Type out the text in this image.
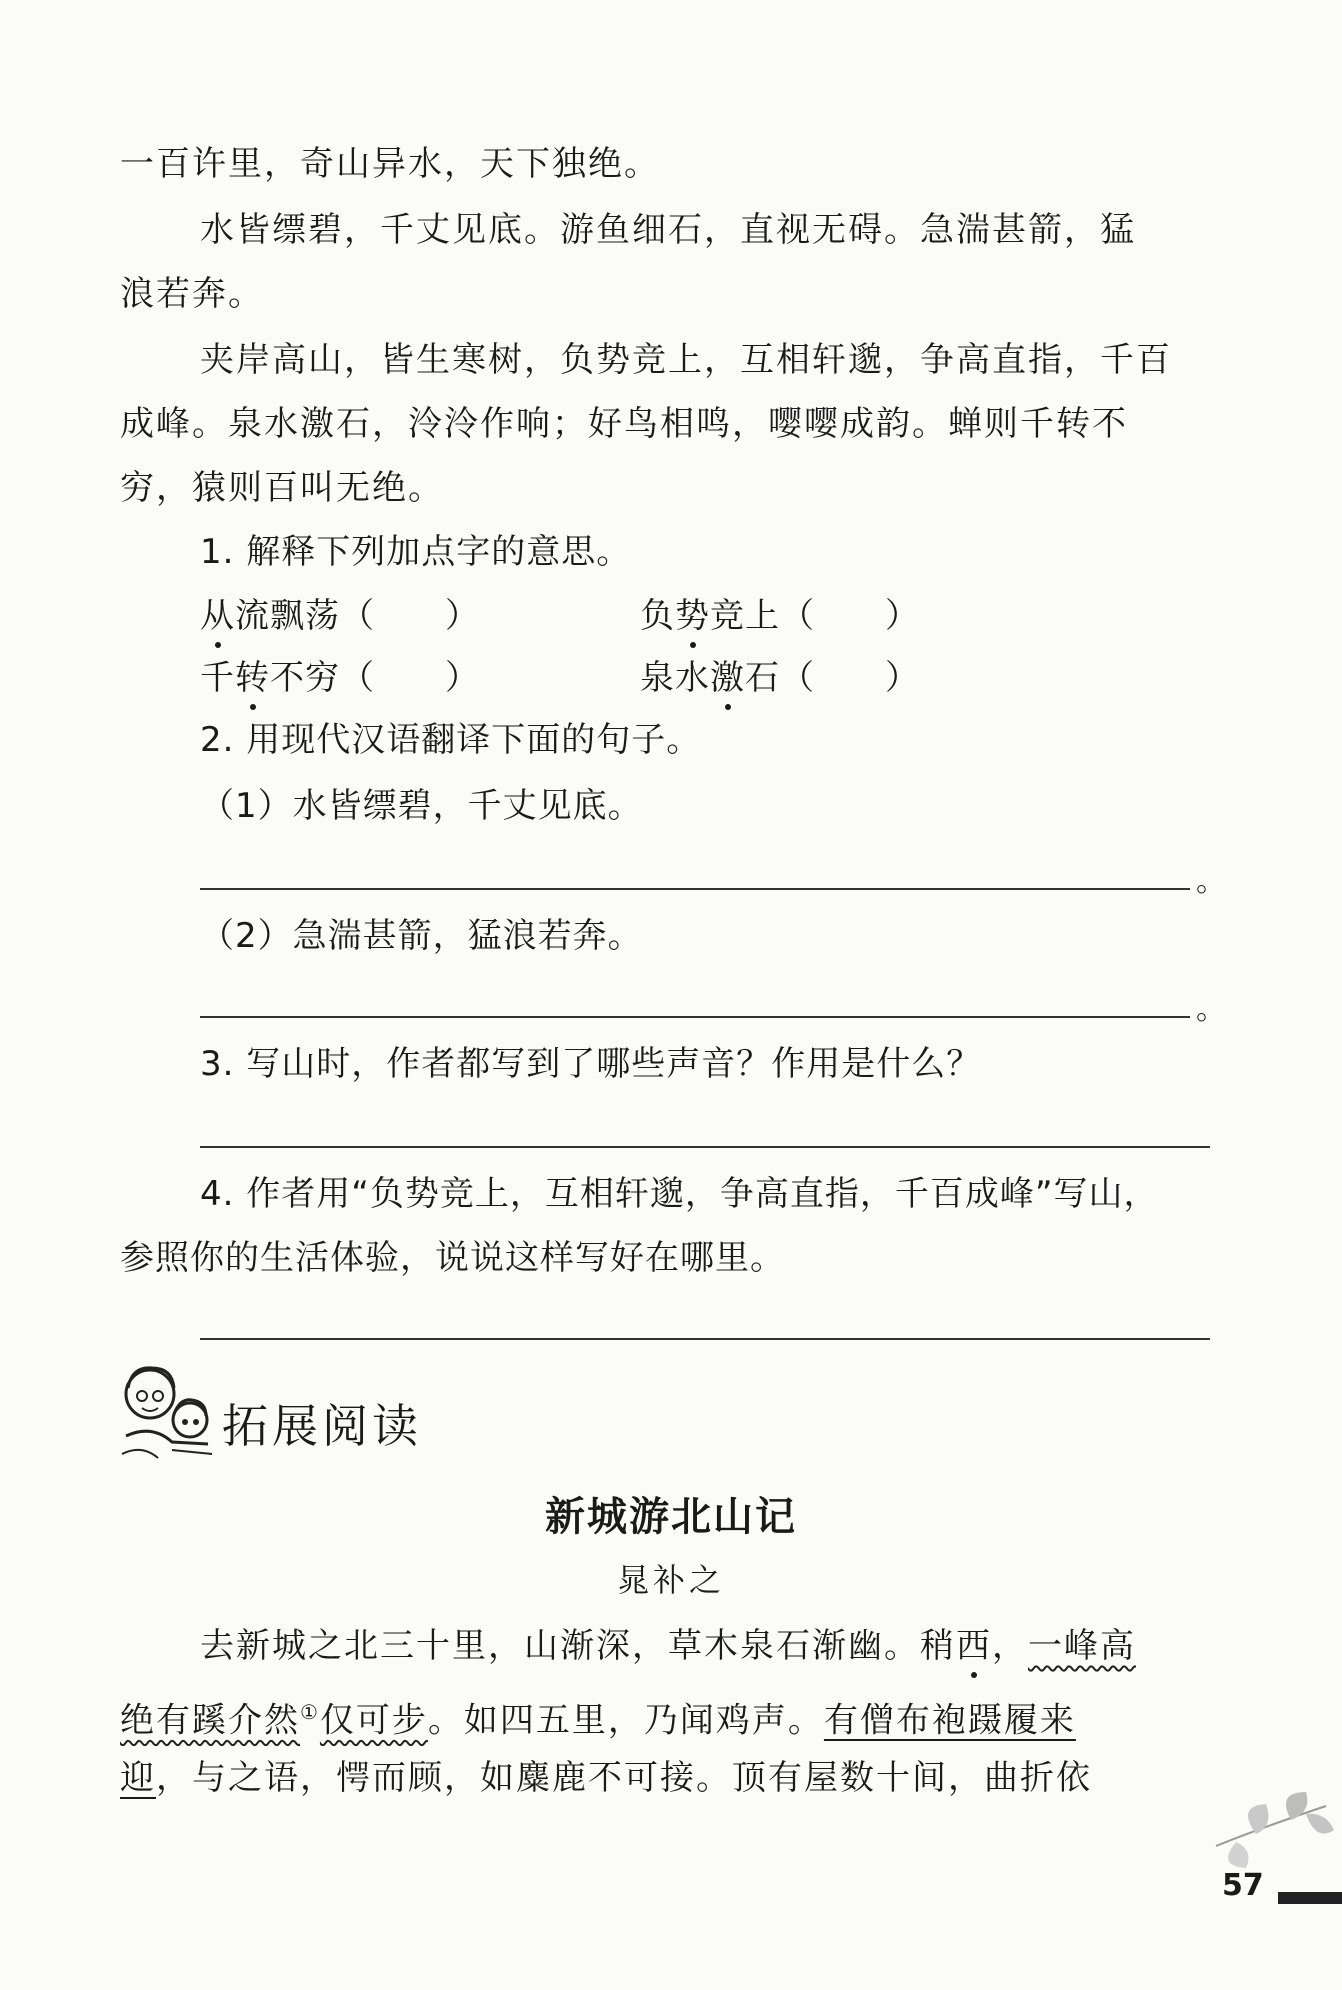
一百许里，奇山异水，天下独绝。
水皆缥碧，千丈见底。游鱼细石，直视无碍。急湍甚箭，猛
浪若奔。
夹岸高山，皆生寒树，负势竞上，互相轩邈，争高直指，千百
成峰。泉水激石，泠泠作响；好鸟相鸣，嘤嘤成韵。蝉则千转不
穷，猿则百叫无绝。
1. 解释下列加点字的意思。
从流飘荡（ ）	负势竞上（ ）
千转不穷（ ）	泉水激石（ ）
2. 用现代汉语翻译下面的句子。
（1）水皆缥碧，千丈见底。
。
（2）急湍甚箭，猛浪若奔。
。
3. 写山时，作者都写到了哪些声音？作用是什么？
4. 作者用“负势竞上，互相轩邈，争高直指，千百成峰”写山，
参照你的生活体验，说说这样写好在哪里。
拓展阅读
新城游北山记
晁补之
去新城之北三十里，山渐深，草木泉石渐幽。稍西，一峰高
绝有蹊介然①仅可步。如四五里，乃闻鸡声。有僧布袍蹑履来
迎，与之语，愕而顾，如麋鹿不可接。顶有屋数十间，曲折依
57
